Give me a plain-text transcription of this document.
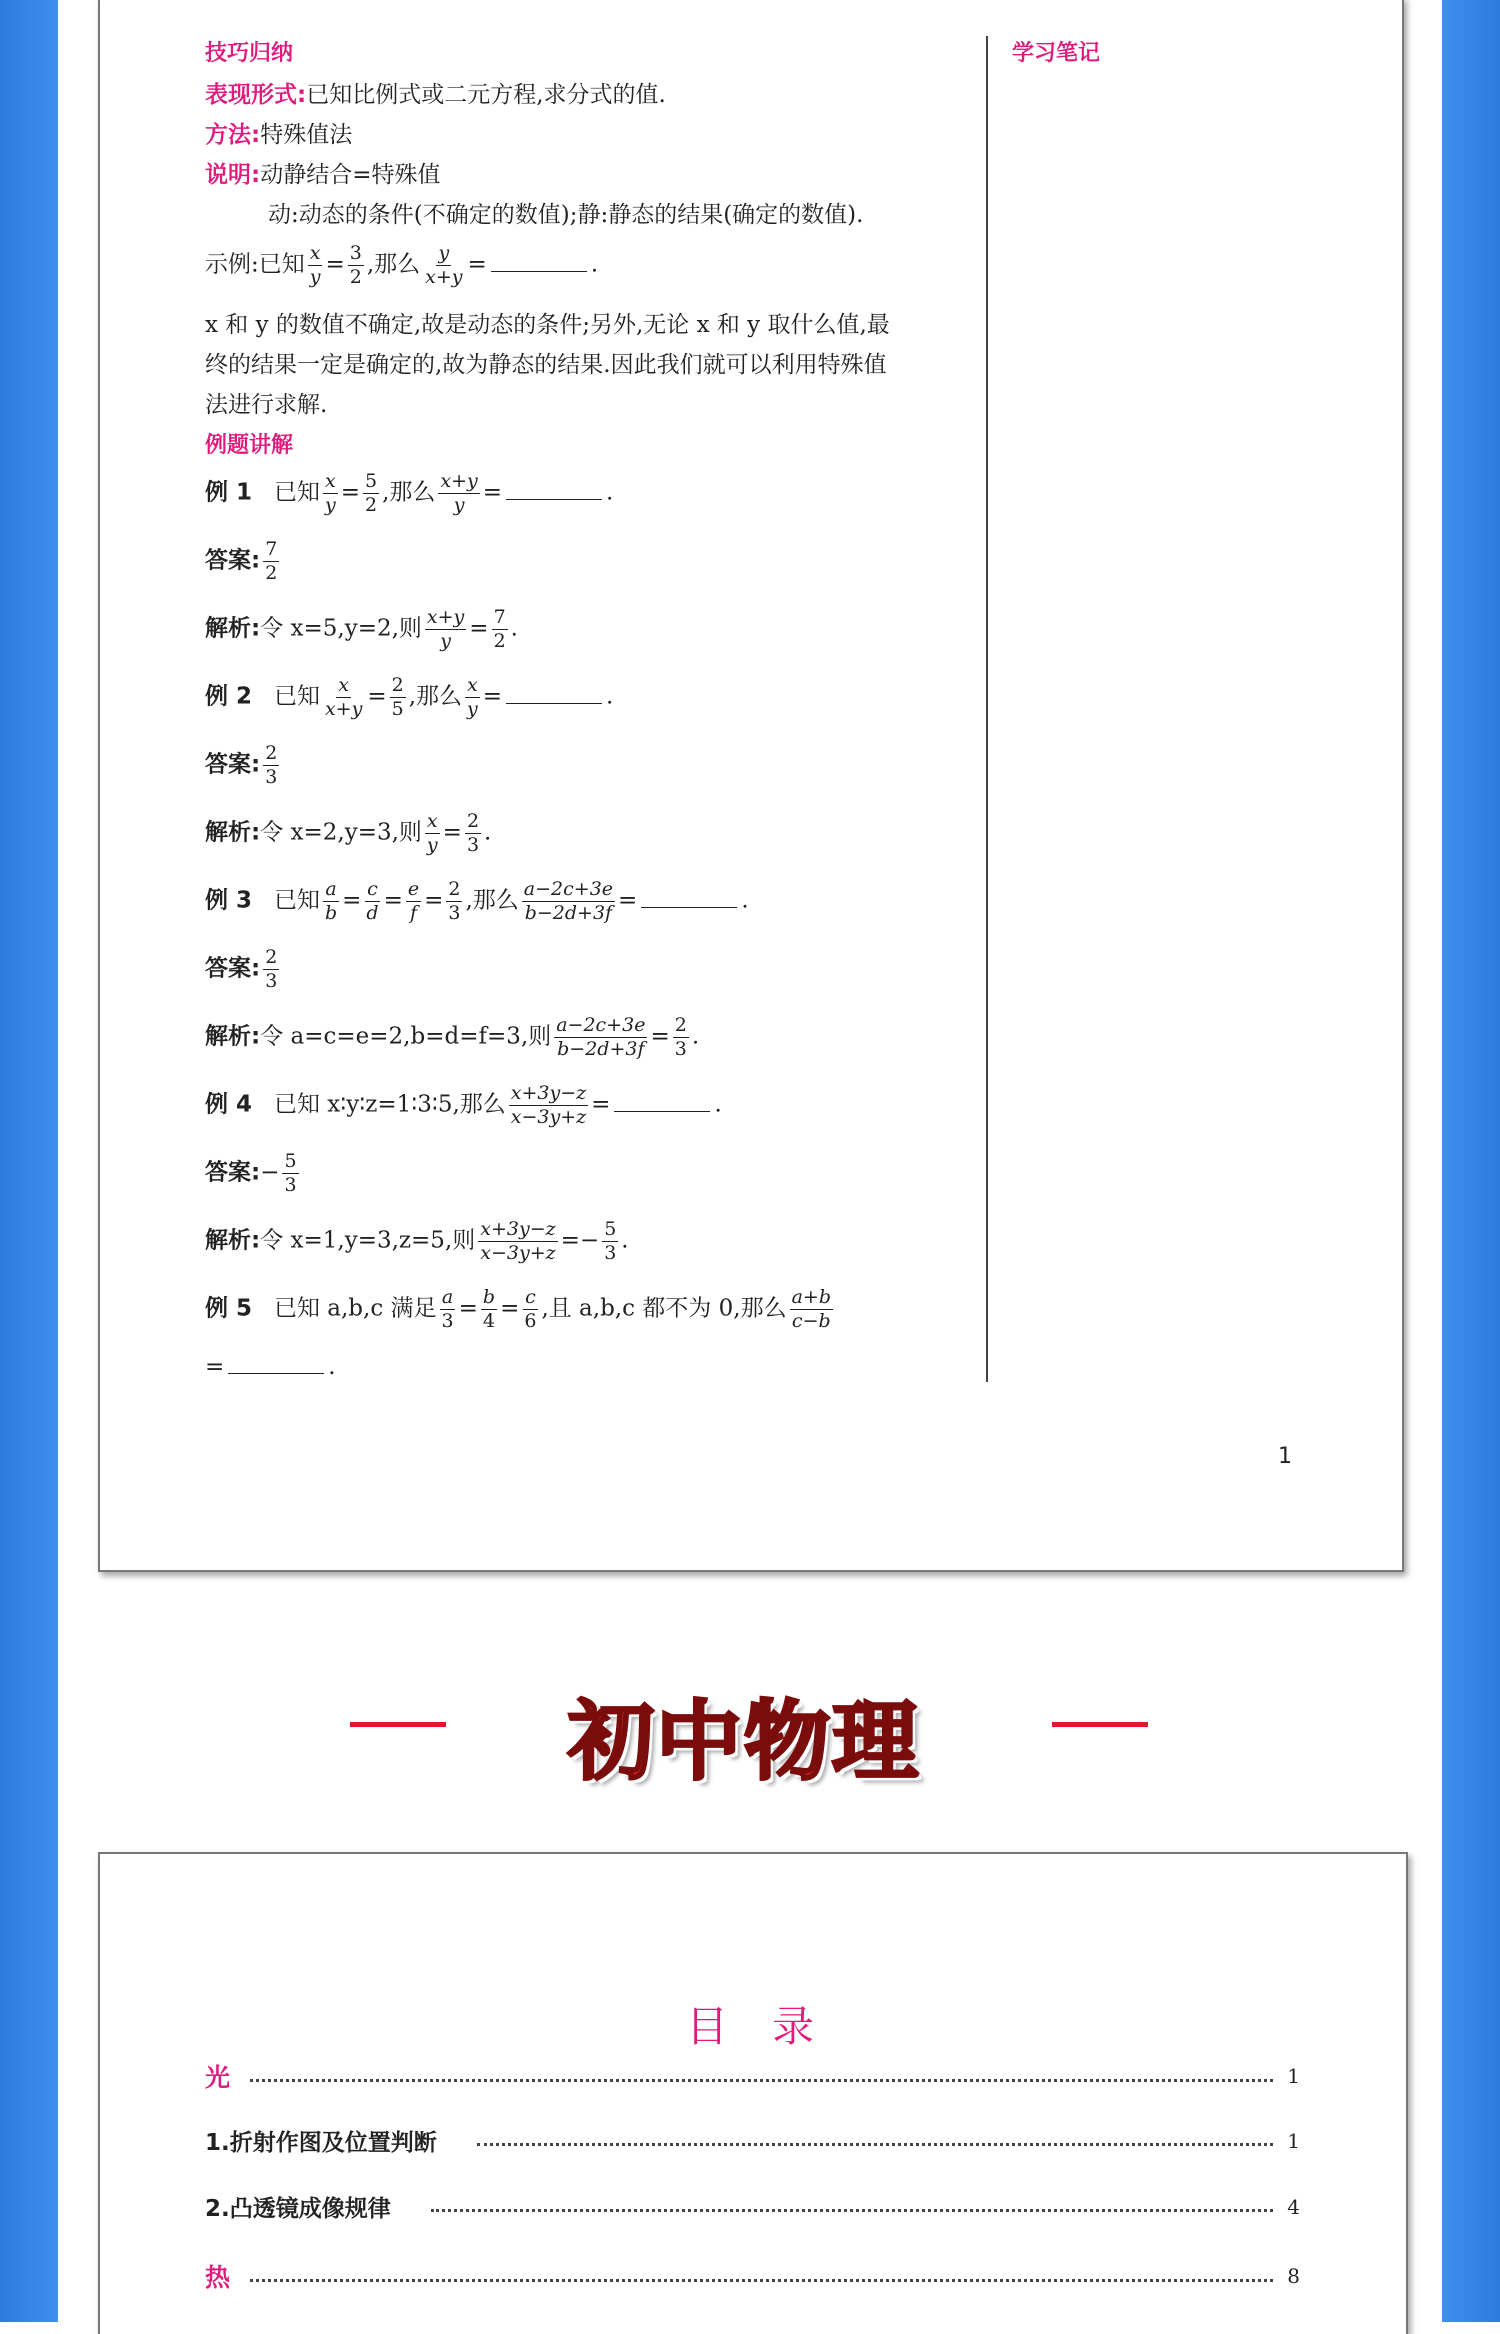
技巧归纳
表现形式:已知比例式或二元方程,求分式的值.
方法:特殊值法
说明:动静结合=特殊值
动:动态的条件(不确定的数值);静:静态的结果(确定的数值).
示例:已知 $\frac{x}{y} = \frac{3}{2}$ ,那么 $\frac{y}{x+y}$ =	.
x 和 y 的数值不确定,故是动态的条件;另外,无论 x 和 y 取什么值,最
终的结果一定是确定的,故为静态的结果.因此我们就可以利用特殊值
法进行求解.
例题讲解
例 1   已知 $\frac{x}{y} = \frac{5}{2}$ ,那么 $\frac{x+y}{y}$ =	.
答案: $\frac{7}{2}$
解析:令 x=5,y=2,则 $\frac{x+y}{y} = \frac{7}{2}$ .
例 2   已知 $\frac{x}{x+y} = \frac{2}{5}$ ,那么 $\frac{x}{y}$ =	.
答案: $\frac{2}{3}$
解析:令 x=2,y=3,则 $\frac{x}{y} = \frac{2}{3}$ .
例 3   已知 $\frac{a}{b} = \frac{c}{d} = \frac{e}{f} = \frac{2}{3}$ ,那么 $\frac{a-2c+3e}{b-2d+3f}$ =	.
答案: $\frac{2}{3}$
解析:令 a=c=e=2,b=d=f=3,则 $\frac{a-2c+3e}{b-2d+3f} = \frac{2}{3}$ .
例 4 已知 x∶y∶z=1∶3∶5,那么 $\frac{x+3y-z}{x-3y+z}$ =	.
答案:− $\frac{5}{3}$
解析:令 x=1,y=3,z=5,则 $\frac{x+3y-z}{x-3y+z} =- \frac{5}{3}$ .
例 5 已知 a,b,c 满足 $\frac{a}{3} = \frac{b}{4} = \frac{c}{6}$ ,且 a,b,c 都不为 0,那么 $\frac{a+b}{c-b}$
=	.
学习笔记
1
初中物理
目录
光	1
1.折射作图及位置判断	1
2.凸透镜成像规律	4
热	8
